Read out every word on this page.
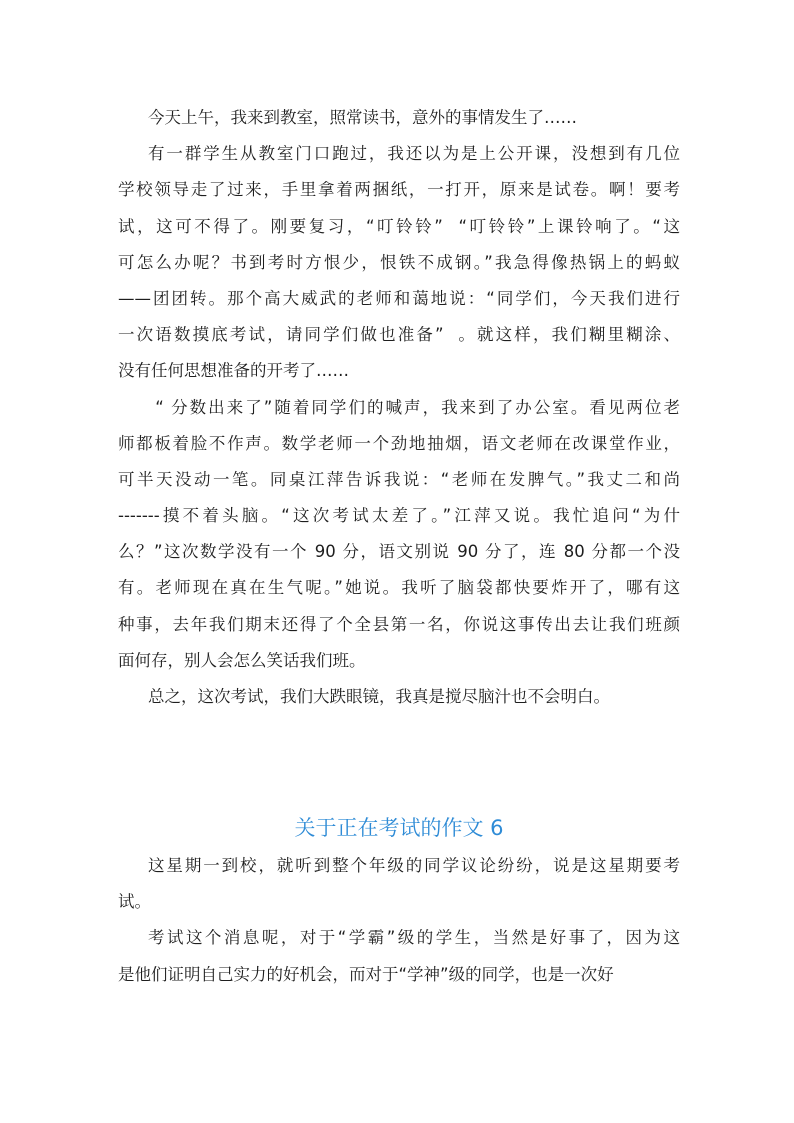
今天上午，我来到教室，照常读书，意外的事情发生了……
有一群学生从教室门口跑过，我还以为是上公开课，没想到有几位
学校领导走了过来，手里拿着两捆纸，一打开，原来是试卷。啊！要考
试，这可不得了。刚要复习，“叮铃铃”  “叮铃铃”上课铃响了。“这
可怎么办呢？书到考时方恨少，恨铁不成钢。”我急得像热锅上的蚂蚁
——团团转。那个高大威武的老师和蔼地说：“同学们，今天我们进行
一次语数摸底考试，请同学们做也准备”  。就这样，我们糊里糊涂、
没有任何思想准备的开考了……
“ 分数出来了”随着同学们的喊声，我来到了办公室。看见两位老
师都板着脸不作声。数学老师一个劲地抽烟，语文老师在改课堂作业，
可半天没动一笔。同桌江萍告诉我说：“老师在发脾气。”我丈二和尚
-------摸不着头脑。“这次考试太差了。”江萍又说。我忙追问“为什
么？”这次数学没有一个 90 分，语文别说 90 分了，连 80 分都一个没
有。老师现在真在生气呢。”她说。我听了脑袋都快要炸开了，哪有这
种事，去年我们期末还得了个全县第一名，你说这事传出去让我们班颜
面何存，别人会怎么笑话我们班。
总之，这次考试，我们大跌眼镜，我真是搅尽脑汁也不会明白。
关于正在考试的作文 6
这星期一到校，就听到整个年级的同学议论纷纷，说是这星期要考
试。
考试这个消息呢，对于“学霸”级的学生，当然是好事了，因为这
是他们证明自己实力的好机会，而对于“学神”级的同学，也是一次好
